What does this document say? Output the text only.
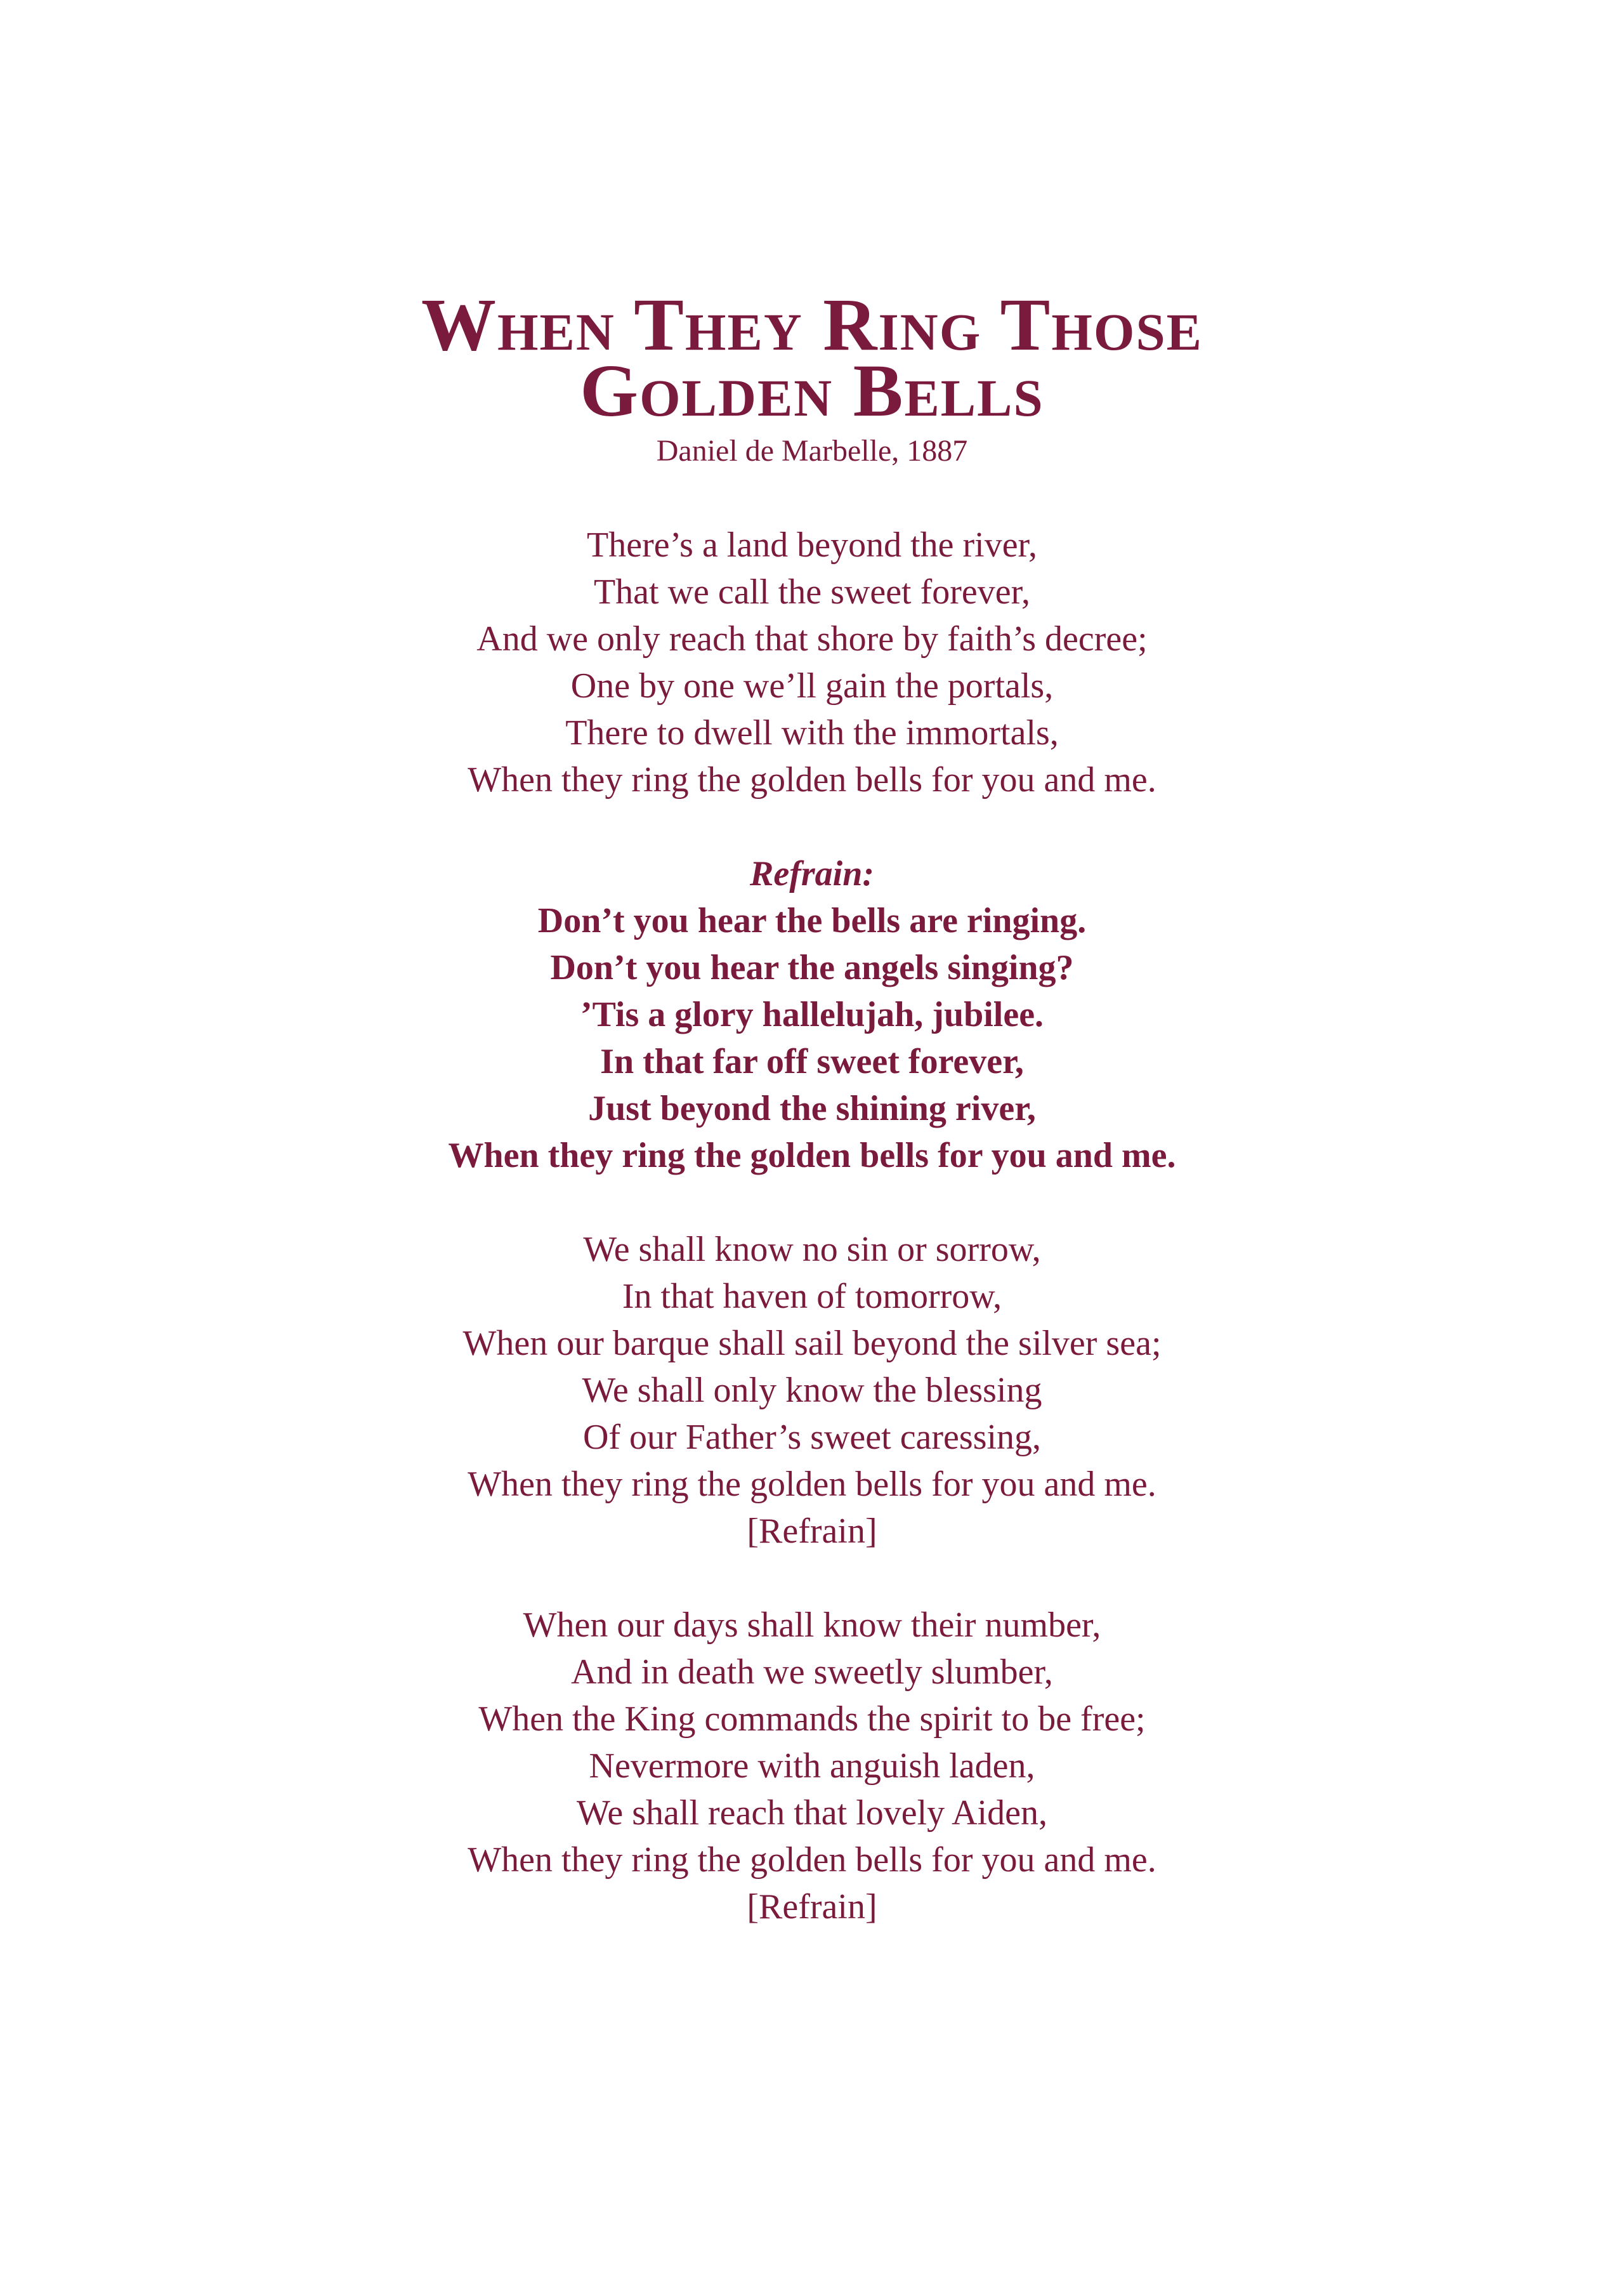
When They Ring Those
Golden Bells
Daniel de Marbelle, 1887
There’s a land beyond the river,
That we call the sweet forever,
And we only reach that shore by faith’s decree;
One by one we’ll gain the portals,
There to dwell with the immortals,
When they ring the golden bells for you and me.
Refrain:
Don’t you hear the bells are ringing.
Don’t you hear the angels singing?
’Tis a glory hallelujah, jubilee.
In that far off sweet forever,
Just beyond the shining river,
When they ring the golden bells for you and me.
We shall know no sin or sorrow,
In that haven of tomorrow,
When our barque shall sail beyond the silver sea;
We shall only know the blessing
Of our Father’s sweet caressing,
When they ring the golden bells for you and me.
[Refrain]
When our days shall know their number,
And in death we sweetly slumber,
When the King commands the spirit to be free;
Nevermore with anguish laden,
We shall reach that lovely Aiden,
When they ring the golden bells for you and me.
[Refrain]
